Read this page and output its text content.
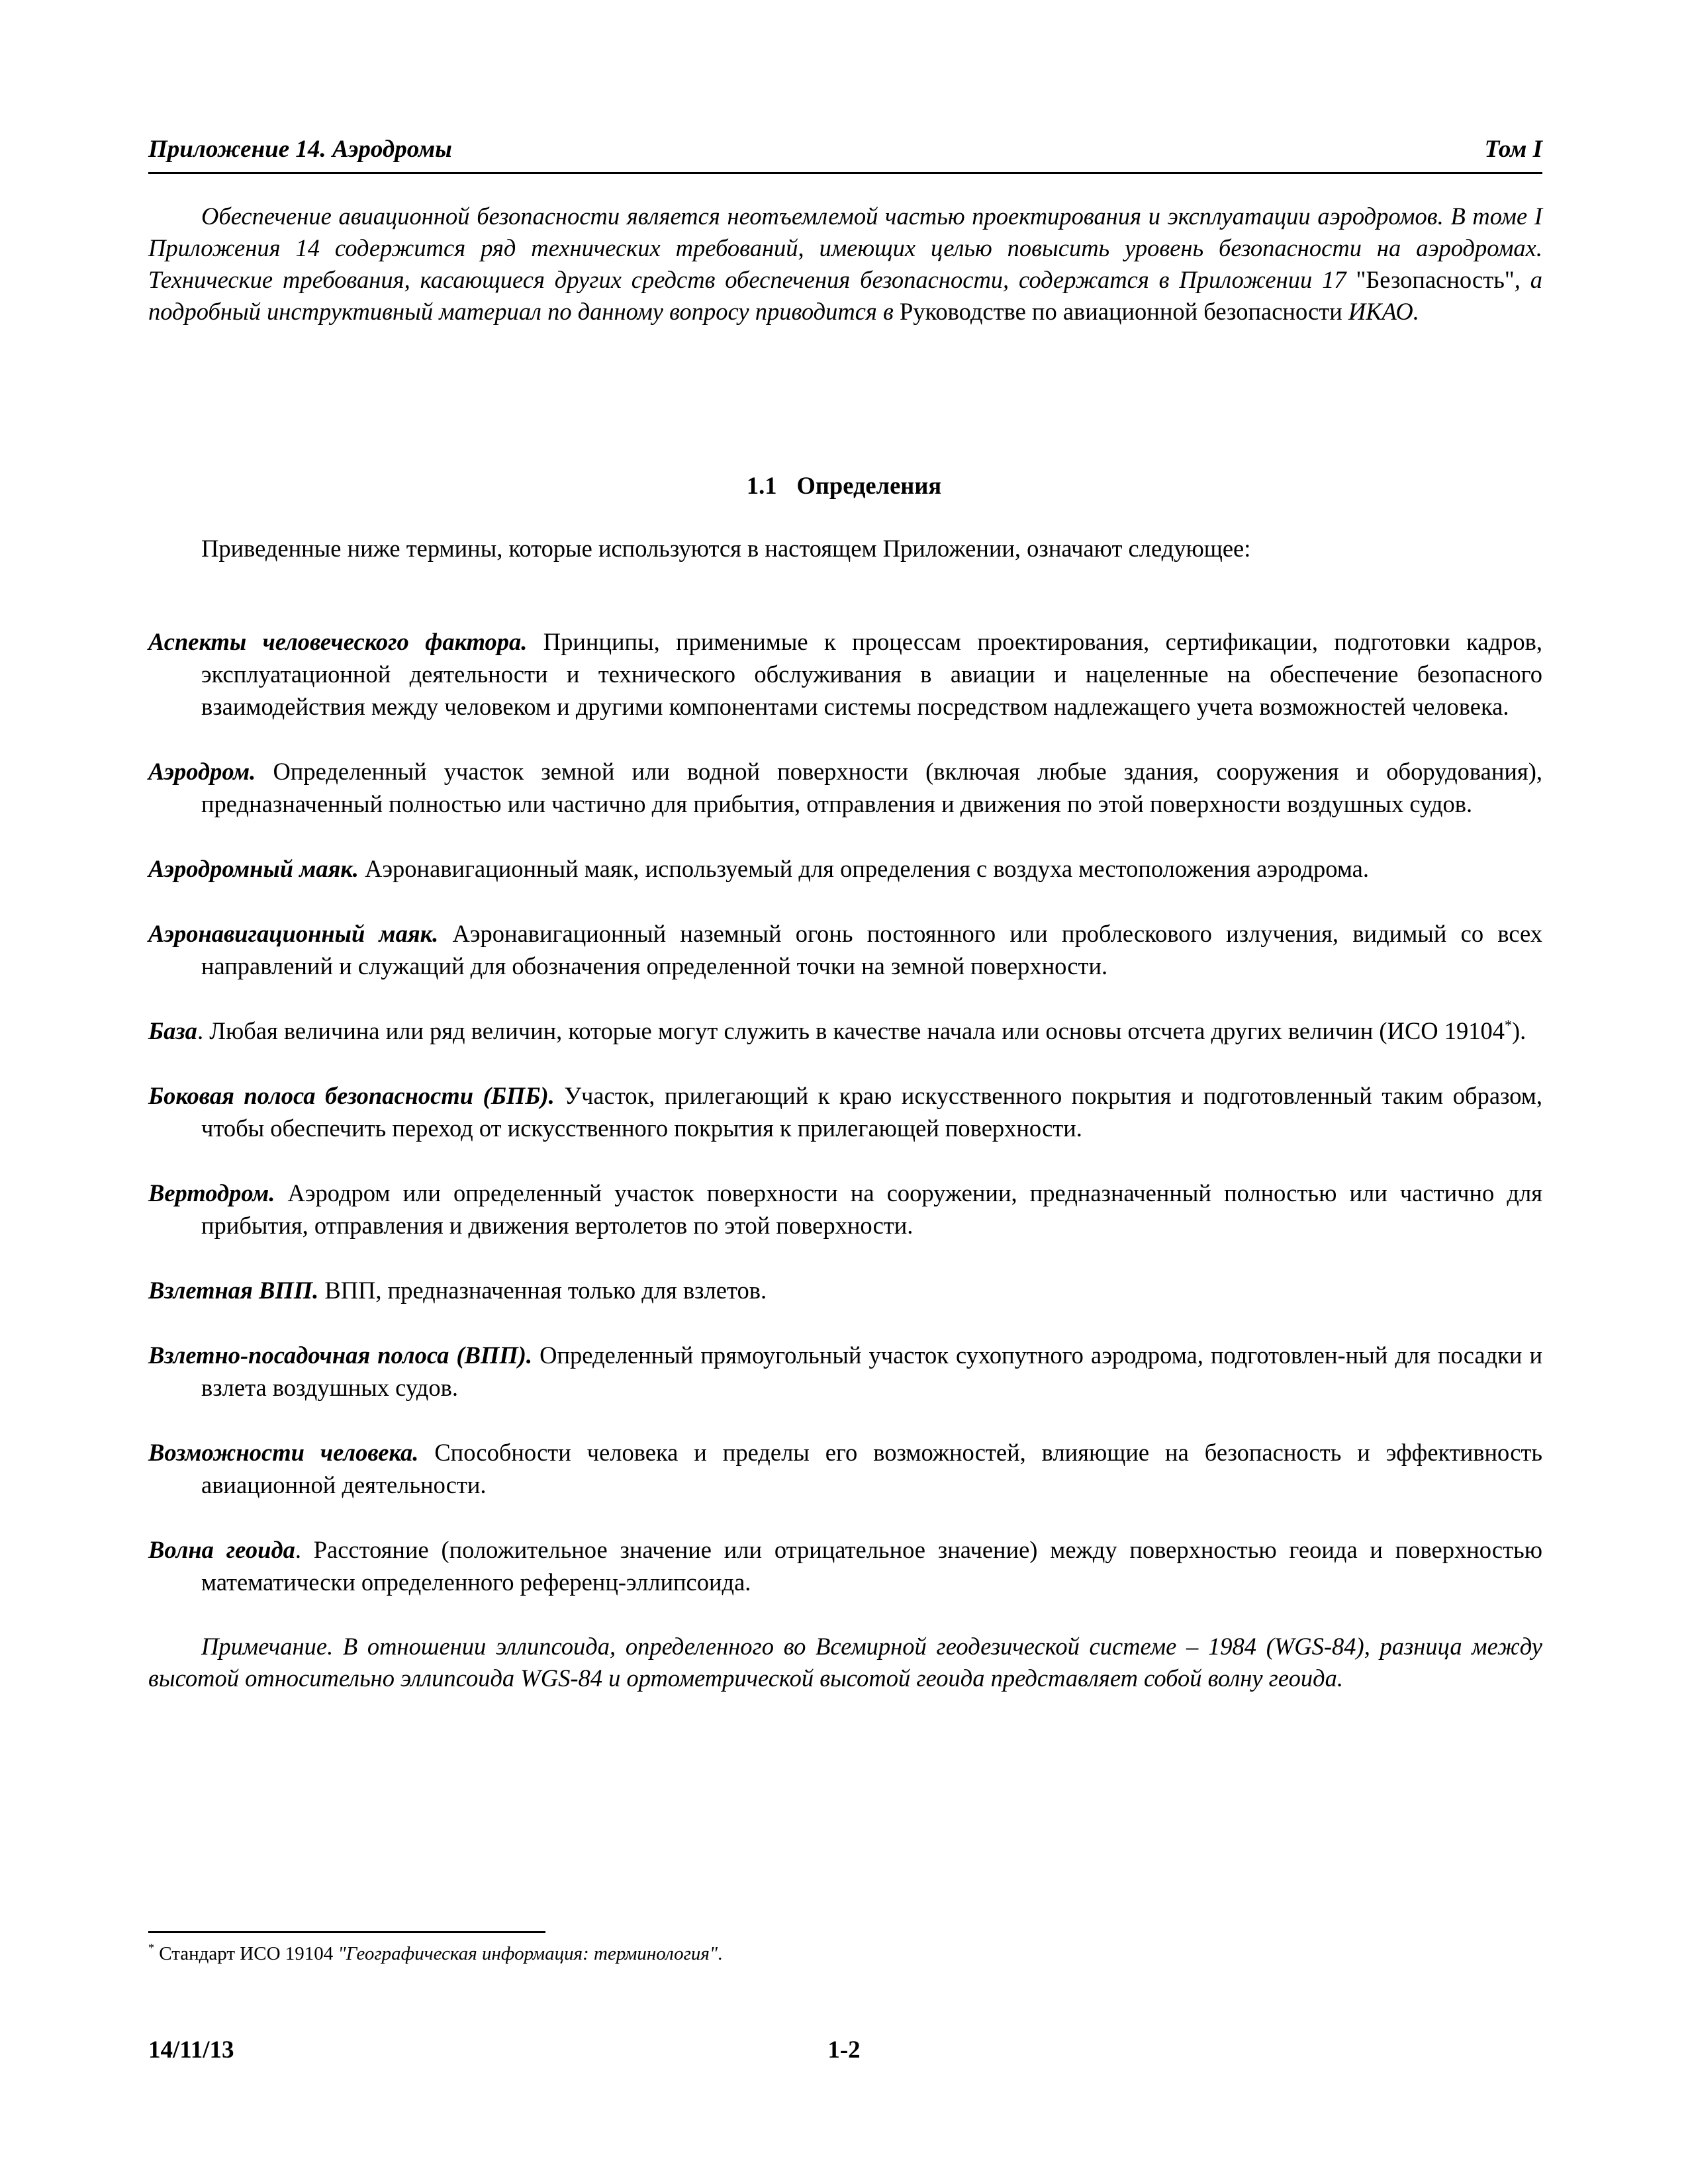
Приложение 14. Аэродромы	Том I
Обеспечение авиационной безопасности является неотъемлемой частью проектирования и эксплуатации аэродромов. В томе I Приложения 14 содержится ряд технических требований, имеющих целью повысить уровень безопасности на аэродромах. Технические требования, касающиеся других средств обеспечения безопасности, содержатся в Приложении 17 "Безопасность", а подробный инструктивный материал по данному вопросу приводится в Руководстве по авиационной безопасности ИКАО.
1.1 Определения
Приведенные ниже термины, которые используются в настоящем Приложении, означают следующее:

Аспекты человеческого фактора. Принципы, применимые к процессам проектирования, сертификации, подготовки кадров, эксплуатационной деятельности и технического обслуживания в авиации и нацеленные на обеспечение безопасного взаимодействия между человеком и другими компонентами системы посредством надлежащего учета возможностей человека.

Аэродром. Определенный участок земной или водной поверхности (включая любые здания, сооружения и оборудования), предназначенный полностью или частично для прибытия, отправления и движения по этой поверхности воздушных судов.

Аэродромный маяк. Аэронавигационный маяк, используемый для определения с воздуха местоположения аэродрома.

Аэронавигационный маяк. Аэронавигационный наземный огонь постоянного или проблескового излучения, видимый со всех направлений и служащий для обозначения определенной точки на земной поверхности.

База. Любая величина или ряд величин, которые могут служить в качестве начала или основы отсчета других величин (ИСО 19104*).

Боковая полоса безопасности (БПБ). Участок, прилегающий к краю искусственного покрытия и подготовленный таким образом, чтобы обеспечить переход от искусственного покрытия к прилегающей поверхности.

Вертодром. Аэродром или определенный участок поверхности на сооружении, предназначенный полностью или частично для прибытия, отправления и движения вертолетов по этой поверхности.

Взлетная ВПП. ВПП, предназначенная только для взлетов.

Взлетно-посадочная полоса (ВПП). Определенный прямоугольный участок сухопутного аэродрома, подготовлен-ный для посадки и взлета воздушных судов.

Возможности человека. Способности человека и пределы его возможностей, влияющие на безопасность и эффективность авиационной деятельности.

Волна геоида. Расстояние (положительное значение или отрицательное значение) между поверхностью геоида и поверхностью математически определенного референц-эллипсоида.

Примечание. В отношении эллипсоида, определенного во Всемирной геодезической системе – 1984 (WGS-84), разница между высотой относительно эллипсоида WGS-84 и ортометрической высотой геоида представляет собой волну геоида.

* Стандарт ИСО 19104 "Географическая информация: терминология".
14/11/13	1-2
